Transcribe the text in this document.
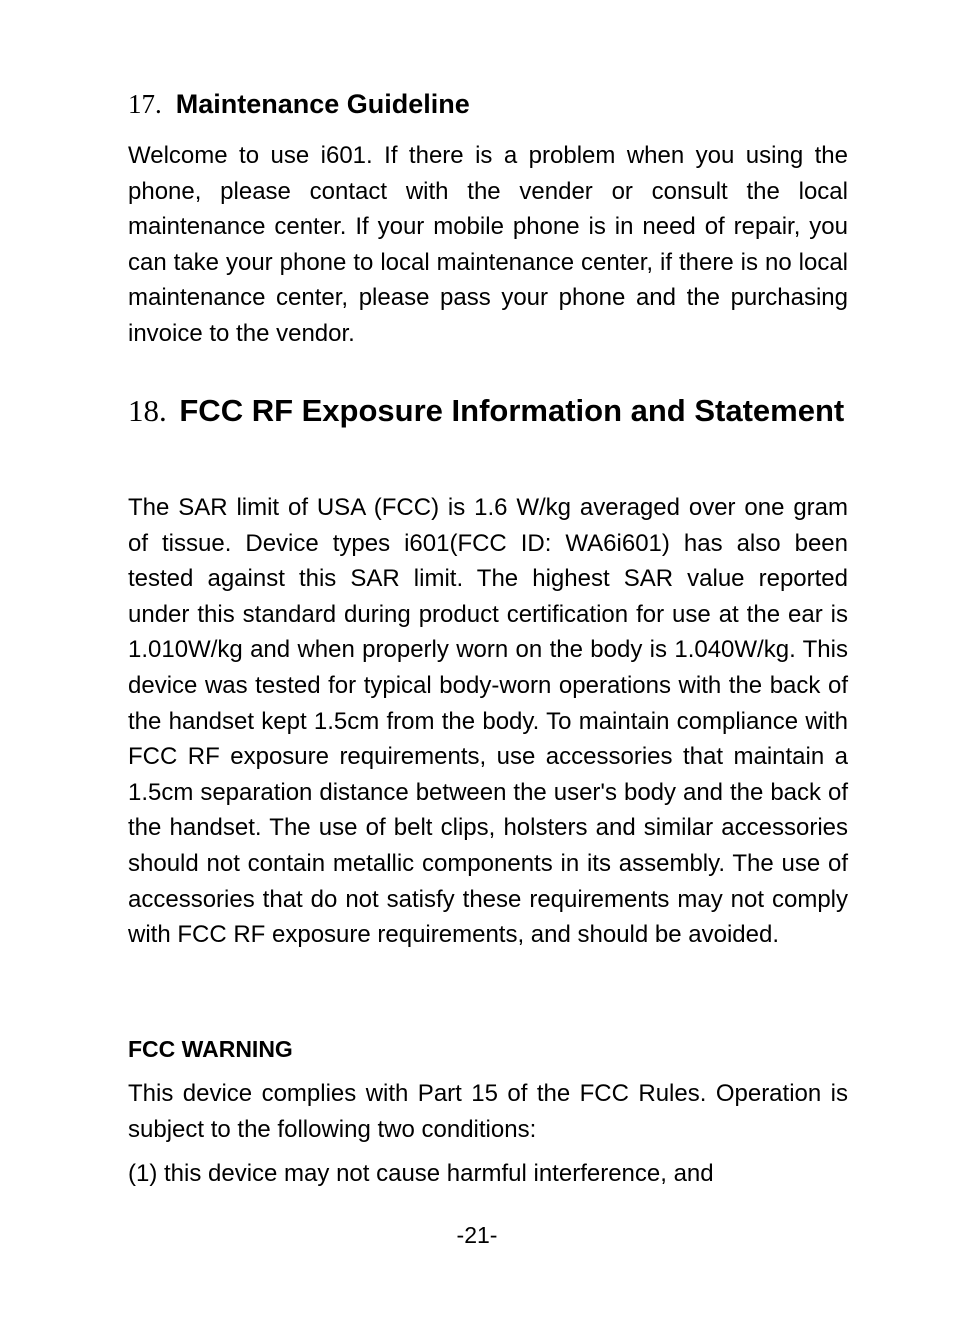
17. Maintenance Guideline

Welcome to use i601. If there is a problem when you using the phone, please contact with the vender or consult the local maintenance center. If your mobile phone is in need of repair, you can take your phone to local maintenance center, if there is no local maintenance center, please pass your phone and the purchasing invoice to the vendor.

18. FCC RF Exposure Information and Statement

The SAR limit of USA (FCC) is 1.6 W/kg averaged over one gram of tissue. Device types i601(FCC ID: WA6i601) has also been tested against this SAR limit. The highest SAR value reported under this standard during product certification for use at the ear is 1.010W/kg and when properly worn on the body is 1.040W/kg. This device was tested for typical body-worn operations with the back of the handset kept 1.5cm from the body. To maintain compliance with FCC RF exposure requirements, use accessories that maintain a 1.5cm separation distance between the user's body and the back of the handset. The use of belt clips, holsters and similar accessories should not contain metallic components in its assembly. The use of accessories that do not satisfy these requirements may not comply with FCC RF exposure requirements, and should be avoided.

FCC WARNING

This device complies with Part 15 of the FCC Rules. Operation is subject to the following two conditions:

(1) this device may not cause harmful interference, and

-21-
